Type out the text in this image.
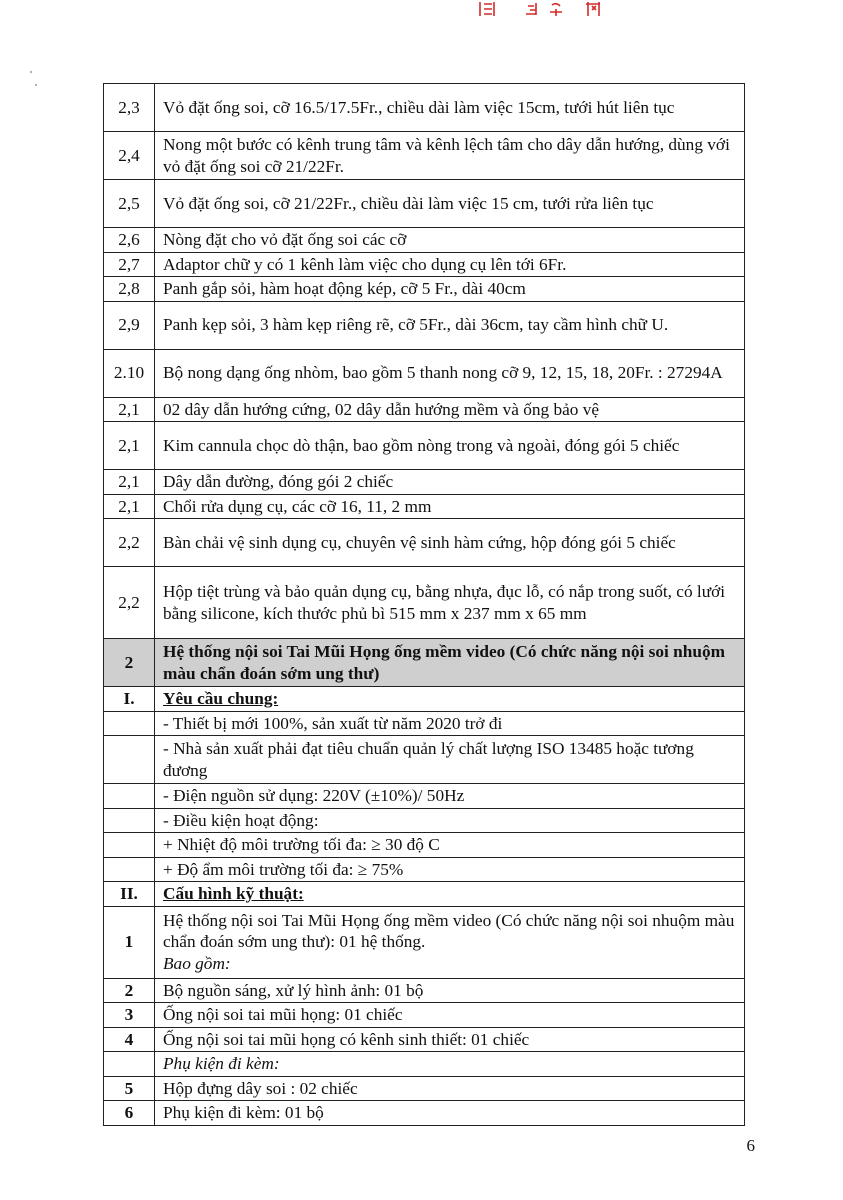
2,3	Vỏ đặt ống soi, cỡ 16.5/17.5Fr., chiều dài làm việc 15cm, tưới hút liên tục
2,4	Nong một bước có kênh trung tâm và kênh lệch tâm cho dây dẫn hướng, dùng với vỏ đặt ống soi cỡ 21/22Fr.
2,5	Vỏ đặt ống soi, cỡ 21/22Fr., chiều dài làm việc 15 cm, tưới rửa liên tục
2,6	Nòng đặt cho vỏ đặt ống soi các cỡ
2,7	Adaptor chữ y có 1 kênh làm việc cho dụng cụ lên tới 6Fr.
2,8	Panh gắp sỏi, hàm hoạt động kép, cỡ 5 Fr., dài 40cm
2,9	Panh kẹp sỏi, 3 hàm kẹp riêng rẽ, cỡ 5Fr., dài 36cm, tay cầm hình chữ U.
2.10	Bộ nong dạng ống nhòm, bao gồm 5 thanh nong cỡ 9, 12, 15, 18, 20Fr. : 27294A
2,1	02 dây dẫn hướng cứng, 02 dây dẫn hướng mềm và ống bảo vệ
2,1	Kim cannula chọc dò thận, bao gồm nòng trong và ngoài, đóng gói 5 chiếc
2,1	Dây dẫn đường, đóng gói 2 chiếc
2,1	Chổi rửa dụng cụ, các cỡ 16, 11, 2 mm
2,2	Bàn chải vệ sinh dụng cụ, chuyên vệ sinh hàm cứng, hộp đóng gói 5 chiếc
2,2	Hộp tiệt trùng và bảo quản dụng cụ, bằng nhựa, đục lỗ, có nắp trong suốt, có lưới bằng silicone, kích thước phủ bì 515 mm x 237 mm x 65 mm
2	Hệ thống nội soi Tai Mũi Họng ống mềm video (Có chức năng nội soi nhuộm màu chẩn đoán sớm ung thư)
I.	Yêu cầu chung:
	- Thiết bị mới 100%, sản xuất từ năm 2020 trở đi
	- Nhà sản xuất phải đạt tiêu chuẩn quản lý chất lượng ISO 13485 hoặc tương đương
	- Điện nguồn sử dụng: 220V (±10%)/ 50Hz
	- Điều kiện hoạt động:
	+ Nhiệt độ môi trường tối đa: ≥ 30 độ C
	+ Độ ẩm môi trường tối đa: ≥ 75%
II.	Cấu hình kỹ thuật:
1	Hệ thống nội soi Tai Mũi Họng ống mềm video (Có chức năng nội soi nhuộm màu chẩn đoán sớm ung thư): 01 hệ thống.
Bao gồm:
2	Bộ nguồn sáng, xử lý hình ảnh: 01 bộ
3	Ống nội soi tai mũi họng: 01 chiếc
4	Ống nội soi tai mũi họng có kênh sinh thiết: 01 chiếc
	Phụ kiện đi kèm:
5	Hộp đựng dây soi : 02 chiếc
6	Phụ kiện đi kèm: 01 bộ
6
